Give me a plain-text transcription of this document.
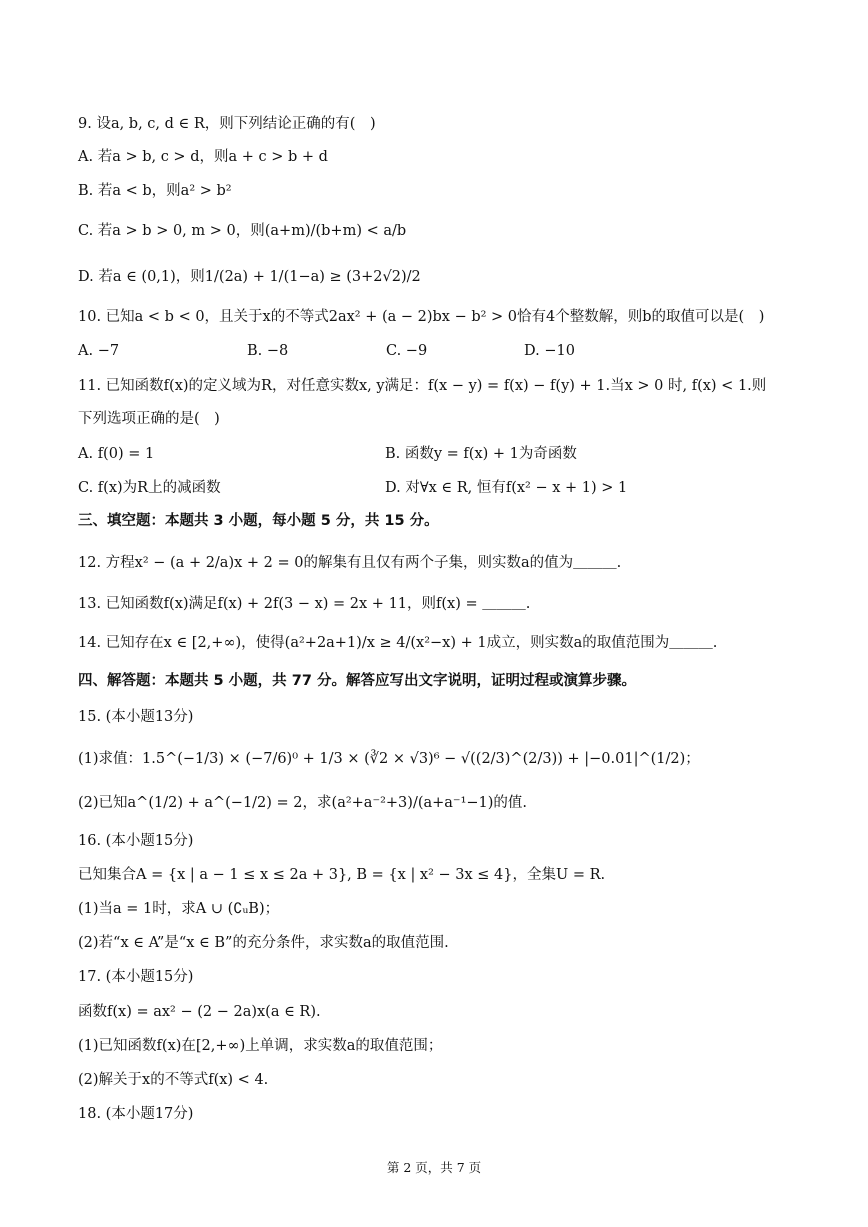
9. 设a, b, c, d ∈ R，则下列结论正确的有(　)
A. 若a > b, c > d，则a + c > b + d
B. 若a < b，则a² > b²
C. 若a > b > 0, m > 0，则(a+m)/(b+m) < a/b
D. 若a ∈ (0,1)，则1/(2a) + 1/(1−a) ≥ (3+2√2)/2
10. 已知a < b < 0，且关于x的不等式2ax² + (a − 2)bx − b² > 0恰有4个整数解，则b的取值可以是(　)
A. −7	B. −8	C. −9	D. −10
11. 已知函数f(x)的定义域为R，对任意实数x, y满足：f(x − y) = f(x) − f(y) + 1.当x > 0 时, f(x) < 1.则
下列选项正确的是(　)
A. f(0) = 1	B. 函数y = f(x) + 1为奇函数
C. f(x)为R上的减函数	D. 对∀x ∈ R, 恒有f(x² − x + 1) > 1
三、填空题：本题共 3 小题，每小题 5 分，共 15 分。
12. 方程x² − (a + 2/a)x + 2 = 0的解集有且仅有两个子集，则实数a的值为＿＿＿.
13. 已知函数f(x)满足f(x) + 2f(3 − x) = 2x + 11，则f(x) = ＿＿＿.
14. 已知存在x ∈ [2,+∞)，使得(a²+2a+1)/x ≥ 4/(x²−x) + 1成立，则实数a的取值范围为＿＿＿.
四、解答题：本题共 5 小题，共 77 分。解答应写出文字说明，证明过程或演算步骤。
15. (本小题13分)
(1)求值：1.5^(−1/3) × (−7/6)⁰ + 1/3 × (∛2 × √3)⁶ − √((2/3)^(2/3)) + |−0.01|^(1/2)；
(2)已知a^(1/2) + a^(−1/2) = 2，求(a²+a⁻²+3)/(a+a⁻¹−1)的值.
16. (本小题15分)
已知集合A = {x | a − 1 ≤ x ≤ 2a + 3}, B = {x | x² − 3x ≤ 4}，全集U = R.
(1)当a = 1时，求A ∪ (∁ᵤB)；
(2)若“x ∈ A”是“x ∈ B”的充分条件，求实数a的取值范围.
17. (本小题15分)
函数f(x) = ax² − (2 − 2a)x(a ∈ R).
(1)已知函数f(x)在[2,+∞)上单调，求实数a的取值范围；
(2)解关于x的不等式f(x) < 4.
18. (本小题17分)
第 2 页，共 7 页
